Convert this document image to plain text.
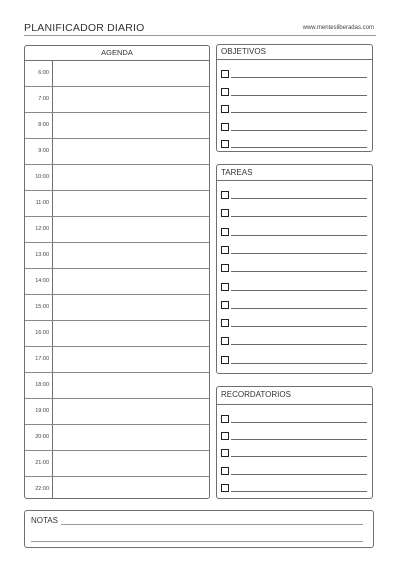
PLANIFICADOR DIARIO	www.mentesliberadas.com
AGENDA
6:00
7:00
8:00
9:00
10:00
11:00
12:00
13:00
14:00
15:00
16:00
17:00
18:00
19:00
20:00
21:00
22:00
OBJETIVOS
TAREAS
RECORDATORIOS
NOTAS
